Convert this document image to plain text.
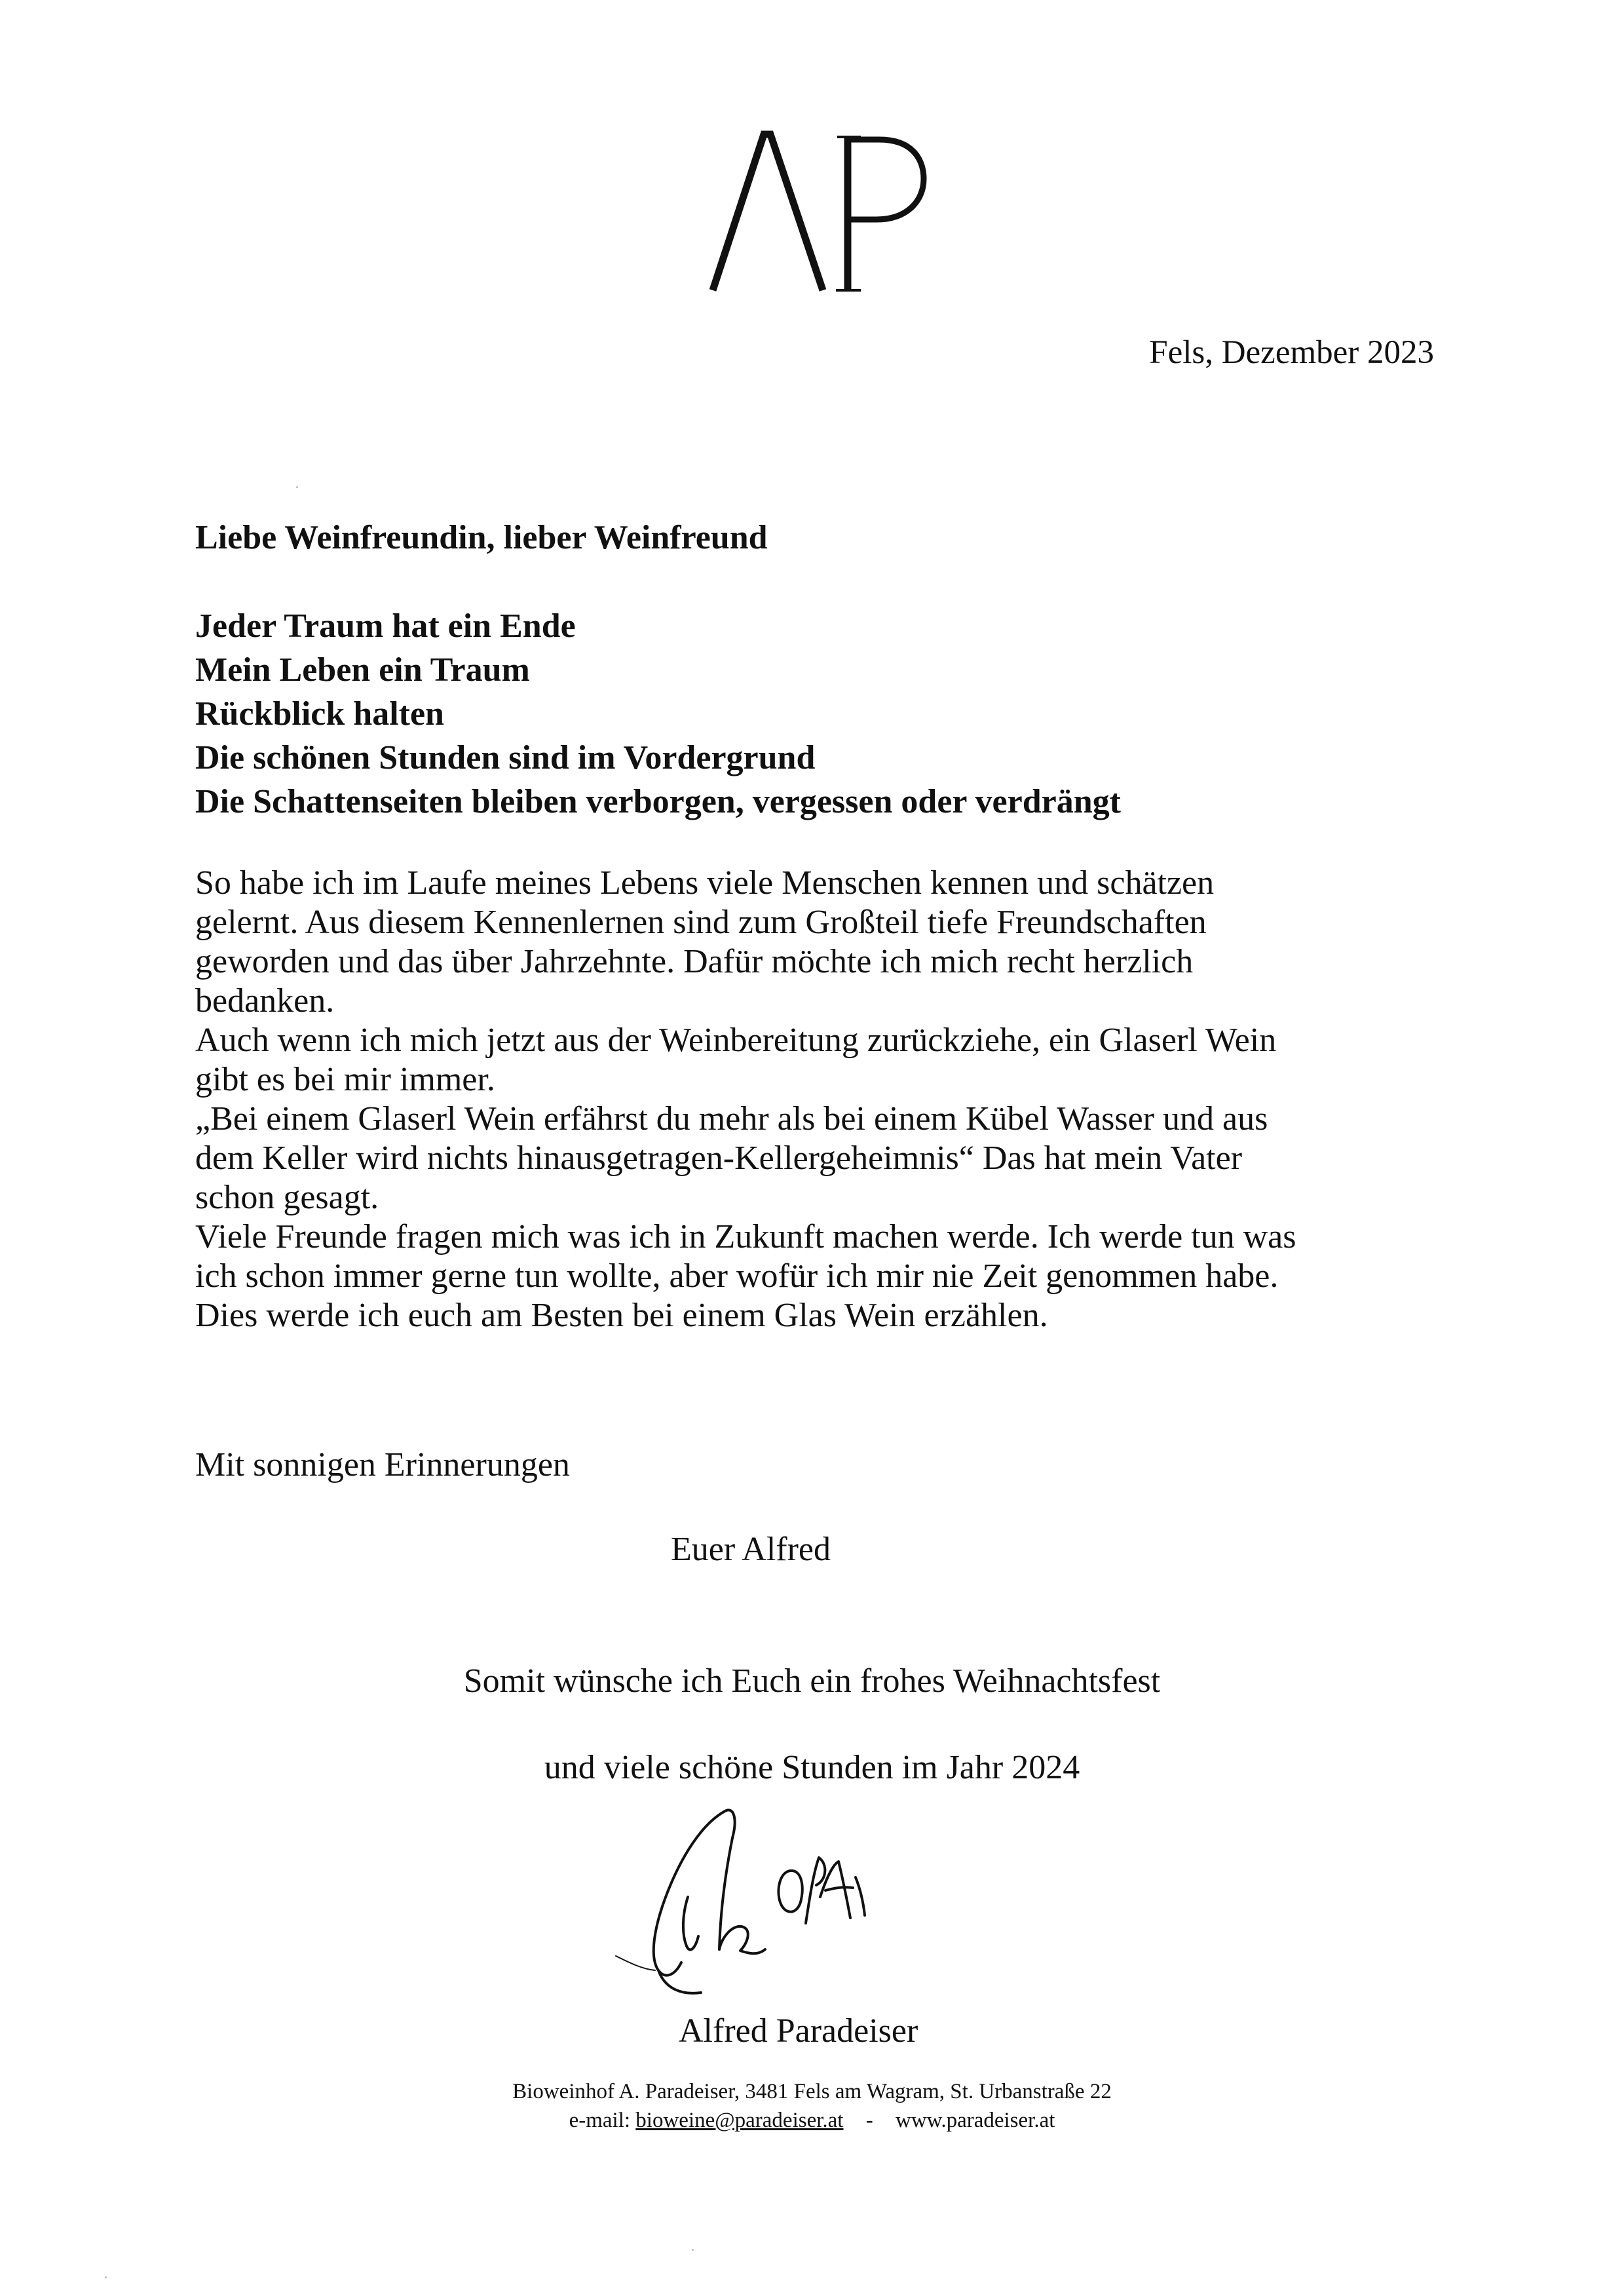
Fels, Dezember 2023
Liebe Weinfreundin, lieber Weinfreund
Jeder Traum hat ein Ende
Mein Leben ein Traum
Rückblick halten
Die schönen Stunden sind im Vordergrund
Die Schattenseiten bleiben verborgen, vergessen oder verdrängt

So habe ich im Laufe meines Lebens viele Menschen kennen und schätzen

gelernt. Aus diesem Kennenlernen sind zum Großteil tiefe Freundschaften

geworden und das über Jahrzehnte. Dafür möchte ich mich recht herzlich

bedanken.

Auch wenn ich mich jetzt aus der Weinbereitung zurückziehe, ein Glaserl Wein

gibt es bei mir immer.

„Bei einem Glaserl Wein erfährst du mehr als bei einem Kübel Wasser und aus

dem Keller wird nichts hinausgetragen-Kellergeheimnis“ Das hat mein Vater

schon gesagt.

Viele Freunde fragen mich was ich in Zukunft machen werde. Ich werde tun was

ich schon immer gerne tun wollte, aber wofür ich mir nie Zeit genommen habe.

Dies werde ich euch am Besten bei einem Glas Wein erzählen.

Mit sonnigen Erinnerungen
Euer Alfred
Somit wünsche ich Euch ein frohes Weihnachtsfest
und viele schöne Stunden im Jahr 2024
Alfred Paradeiser
Bioweinhof A. Paradeiser, 3481 Fels am Wagram, St. Urbanstraße 22
e-mail: bioweine@paradeiser.at - www.paradeiser.at
